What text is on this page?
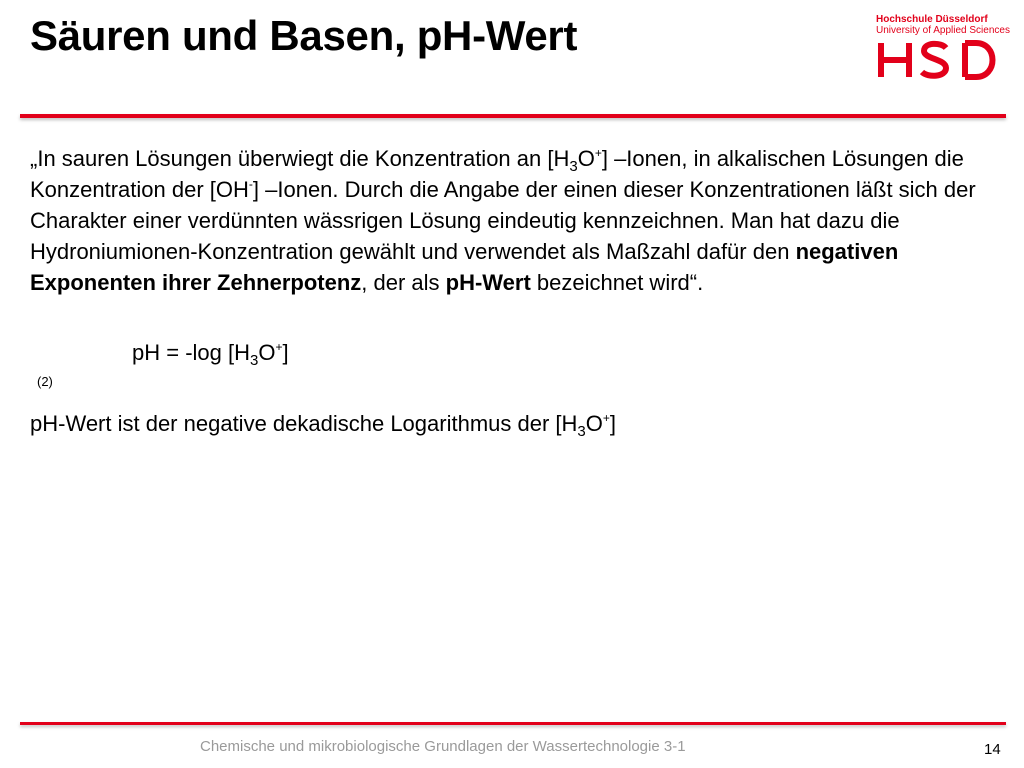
Säuren und Basen, pH-Wert	Hochschule Düsseldorf
University of Applied Sciences

„In sauren Lösungen überwiegt die Konzentration an $[H_3O^+]$ –Ionen, in alkalischen Lösungen die Konzentration der [OH-] –Ionen. Durch die Angabe der einen dieser Konzentrationen läßt sich der Charakter einer verdünnten wässrigen Lösung eindeutig kennzeichnen. Man hat dazu die Hydroniumionen-Konzentration gewählt und verwendet als Maßzahl dafür den negativen Exponenten ihrer Zehnerpotenz, der als pH-Wert bezeichnet wird“.

pH = -log $[H_3O^+]$
(2)
pH-Wert ist der negative dekadische Logarithmus der $[H_3O^+]$
Chemische und mikrobiologische Grundlagen der Wassertechnologie 3-1	14
